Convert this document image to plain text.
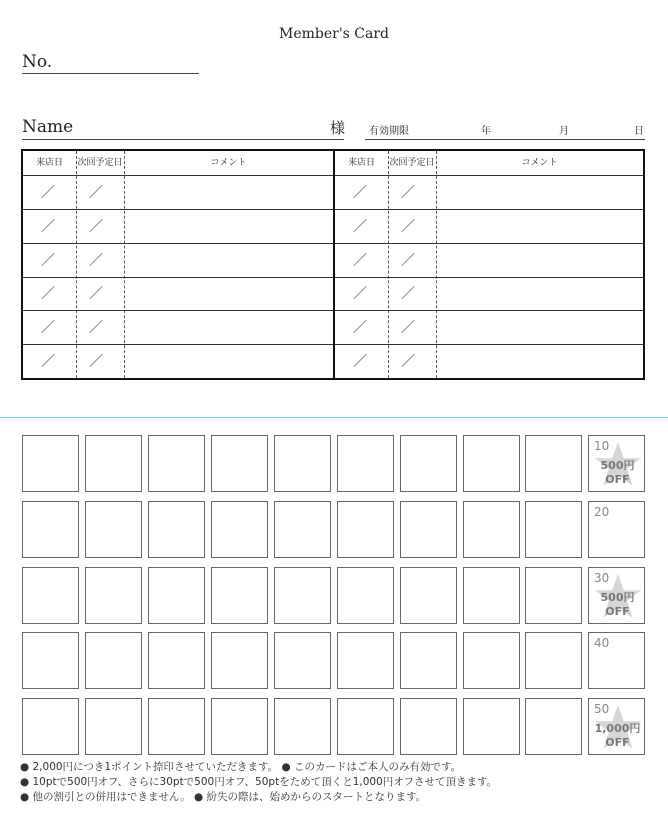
Member's Card
No.
Name	様 有効期限	年	月	日
来店日	次回予定日	コメント
／ ／
／ ／
／ ／
／ ／
／ ／
／ ／
来店日	次回予定日	コメント
／ ／
／ ／
／ ／
／ ／
／ ／
／ ／
10
500円
OFF
20
30
500円
OFF
40
50
1,000円
OFF
● 2,000円につき1ポイント捺印させていただきます。 ● このカードはご本人のみ有効です。
● 10ptで500円オフ、さらに30ptで500円オフ、50ptをためて頂くと1,000円オフさせて頂きます。
● 他の割引との併用はできません。 ● 紛失の際は、始めからのスタートとなります。
